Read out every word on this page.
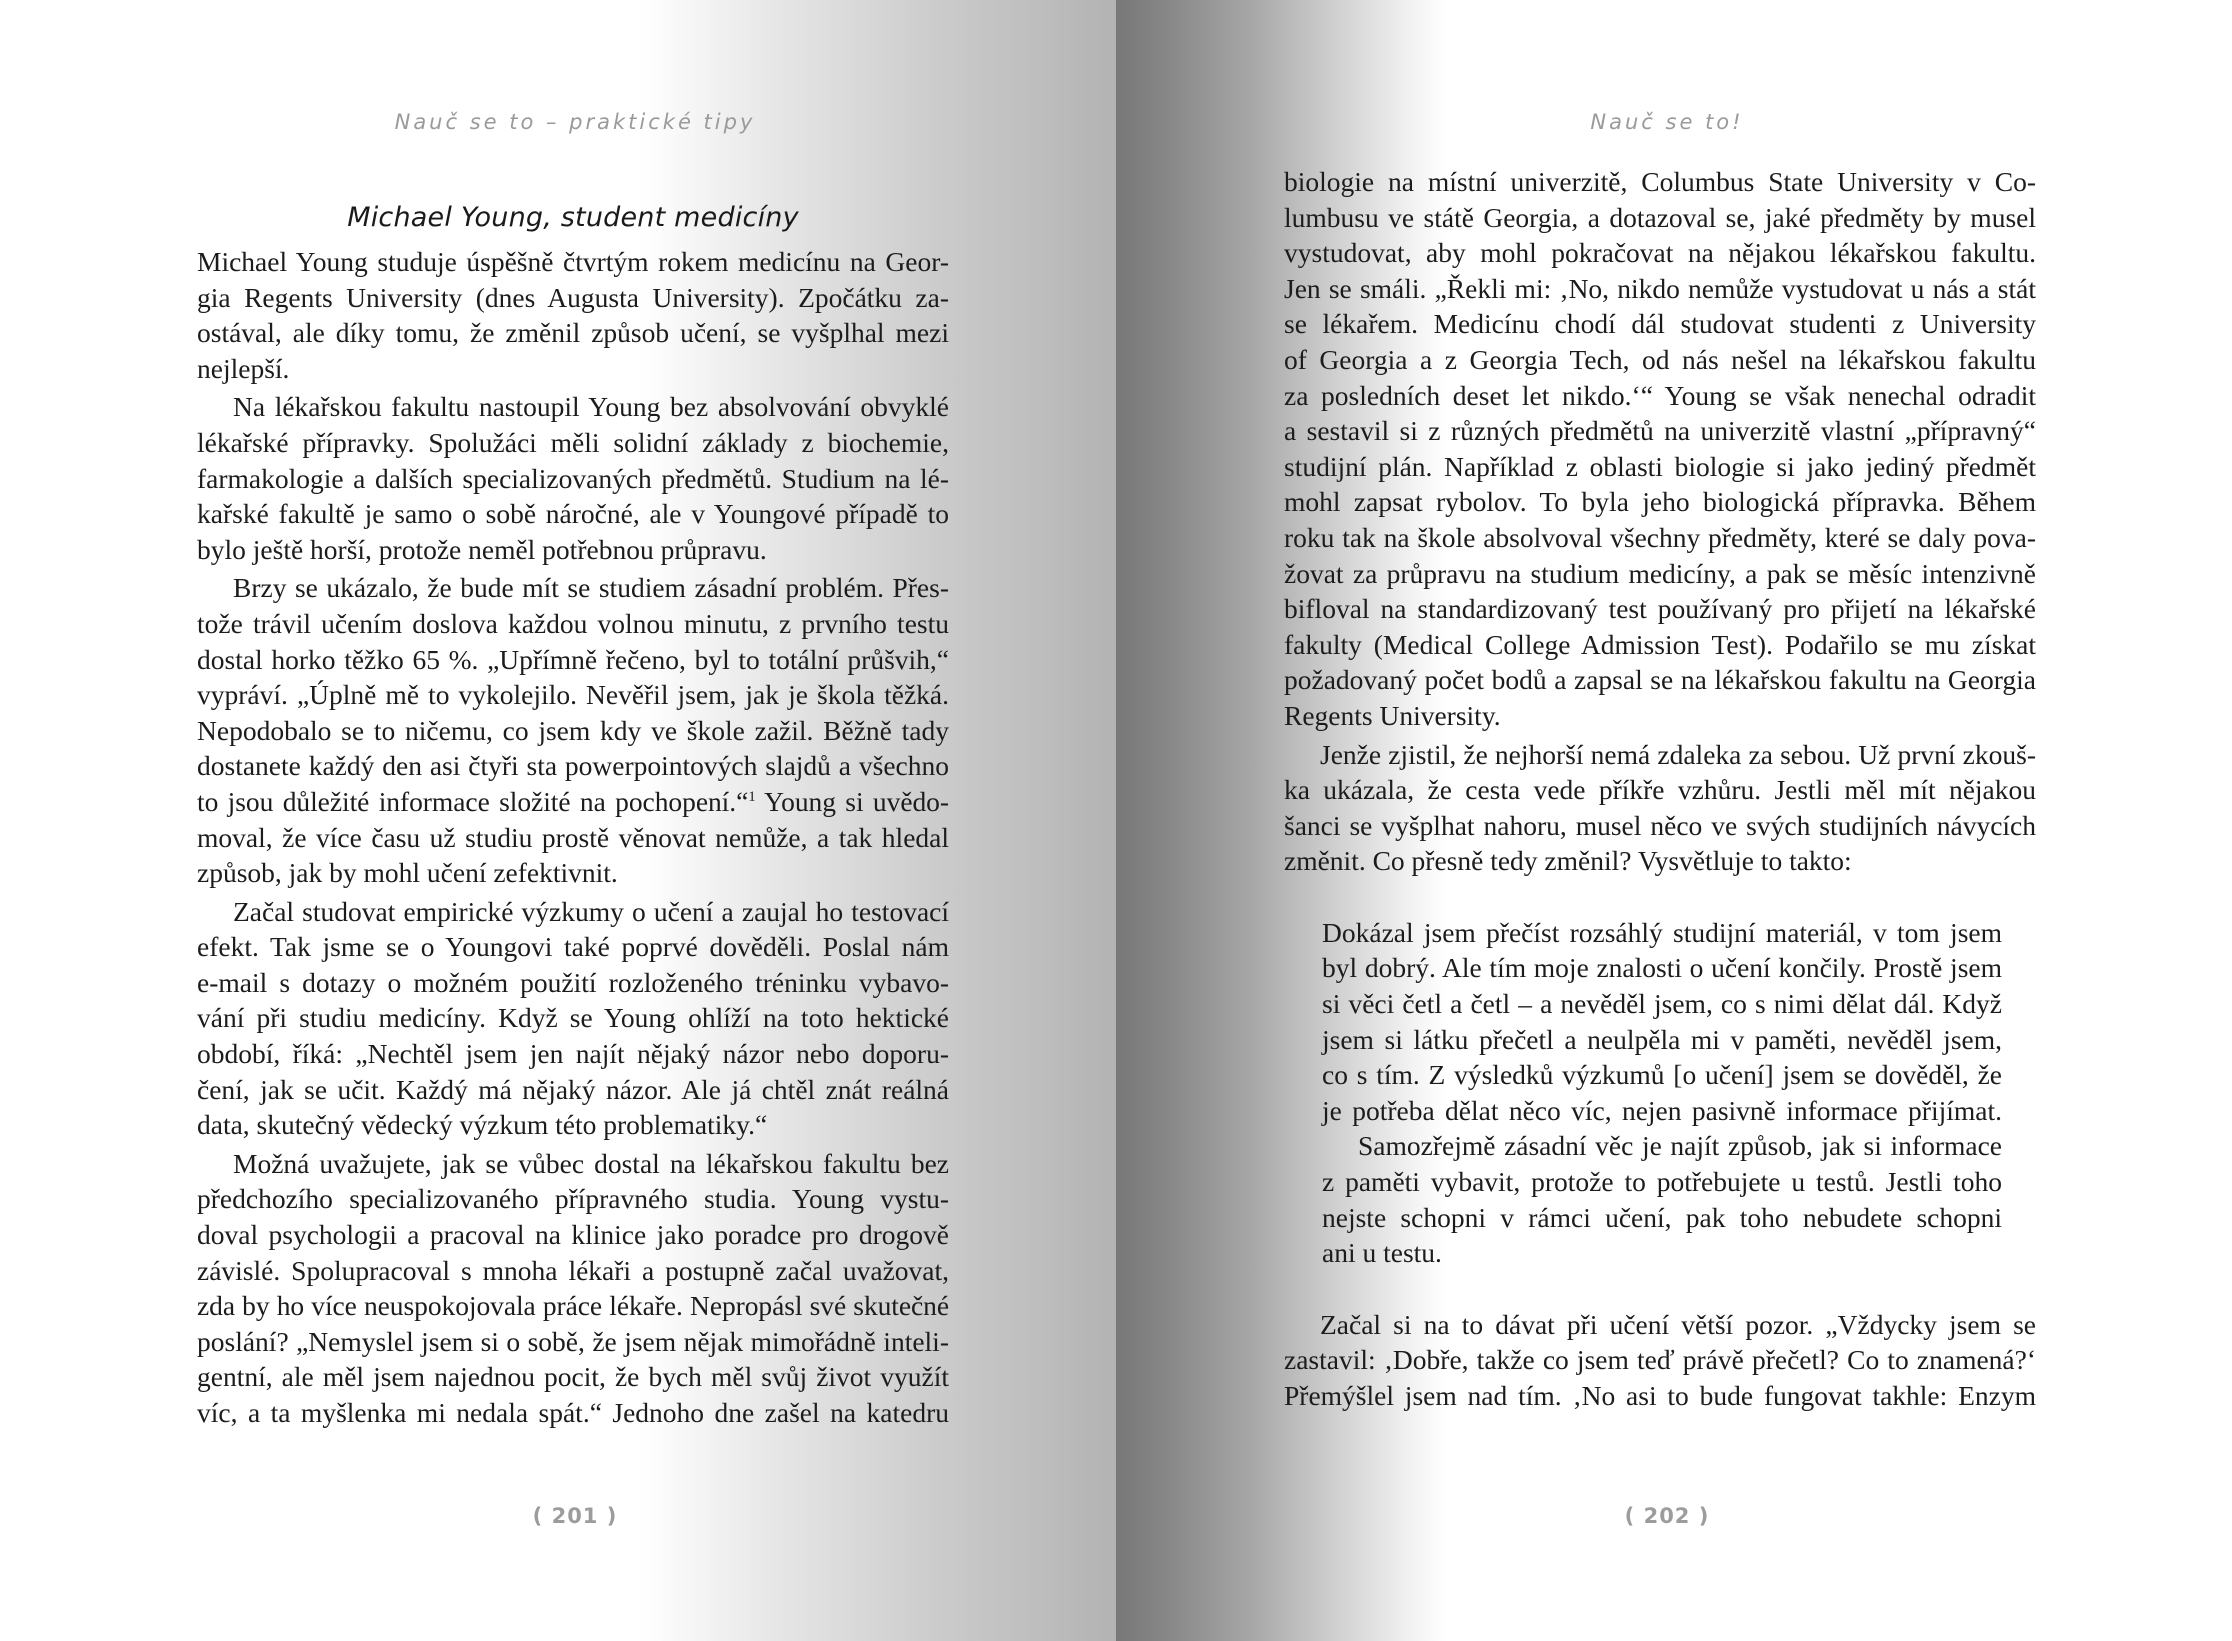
Nauč se to – praktické tipy
Michael Young, student medicíny
Michael Young studuje úspěšně čtvrtým rokem medicínu na Geor-
gia Regents University (dnes Augusta University). Zpočátku za-
ostával, ale díky tomu, že změnil způsob učení, se vyšplhal mezi
nejlepší.
Na lékařskou fakultu nastoupil Young bez absolvování obvyklé
lékařské přípravky. Spolužáci měli solidní základy z biochemie,
farmakologie a dalších specializovaných předmětů. Studium na lé-
kařské fakultě je samo o sobě náročné, ale v Youngové případě to
bylo ještě horší, protože neměl potřebnou průpravu.
Brzy se ukázalo, že bude mít se studiem zásadní problém. Přes-
tože trávil učením doslova každou volnou minutu, z prvního testu
dostal horko těžko 65 %. „Upřímně řečeno, byl to totální průšvih,“
vypráví. „Úplně mě to vykolejilo. Nevěřil jsem, jak je škola těžká.
Nepodobalo se to ničemu, co jsem kdy ve škole zažil. Běžně tady
dostanete každý den asi čtyři sta powerpointových slajdů a všechno
to jsou důležité informace složité na pochopení.“$^1$ Young si uvědo-
moval, že více času už studiu prostě věnovat nemůže, a tak hledal
způsob, jak by mohl učení zefektivnit.
Začal studovat empirické výzkumy o učení a zaujal ho testovací
efekt. Tak jsme se o Youngovi také poprvé dověděli. Poslal nám
e-mail s dotazy o možném použití rozloženého tréninku vybavo-
vání při studiu medicíny. Když se Young ohlíží na toto hektické
období, říká: „Nechtěl jsem jen najít nějaký názor nebo doporu-
čení, jak se učit. Každý má nějaký názor. Ale já chtěl znát reálná
data, skutečný vědecký výzkum této problematiky.“
Možná uvažujete, jak se vůbec dostal na lékařskou fakultu bez
předchozího specializovaného přípravného studia. Young vystu-
doval psychologii a pracoval na klinice jako poradce pro drogově
závislé. Spolupracoval s mnoha lékaři a postupně začal uvažovat,
zda by ho více neuspokojovala práce lékaře. Nepropásl své skutečné
poslání? „Nemyslel jsem si o sobě, že jsem nějak mimořádně inteli-
gentní, ale měl jsem najednou pocit, že bych měl svůj život využít
víc, a ta myšlenka mi nedala spát.“ Jednoho dne zašel na katedru
( 201 )
Nauč se to!
biologie na místní univerzitě, Columbus State University v Co-
lumbusu ve státě Georgia, a dotazoval se, jaké předměty by musel
vystudovat, aby mohl pokračovat na nějakou lékařskou fakultu.
Jen se smáli. „Řekli mi: ‚No, nikdo nemůže vystudovat u nás a stát
se lékařem. Medicínu chodí dál studovat studenti z University
of Georgia a z Georgia Tech, od nás nešel na lékařskou fakultu
za posledních deset let nikdo.‘“ Young se však nenechal odradit
a sestavil si z různých předmětů na univerzitě vlastní „přípravný“
studijní plán. Například z oblasti biologie si jako jediný předmět
mohl zapsat rybolov. To byla jeho biologická přípravka. Během
roku tak na škole absolvoval všechny předměty, které se daly pova-
žovat za průpravu na studium medicíny, a pak se měsíc intenzivně
bifloval na standardizovaný test používaný pro přijetí na lékařské
fakulty (Medical College Admission Test). Podařilo se mu získat
požadovaný počet bodů a zapsal se na lékařskou fakultu na Georgia
Regents University.
Jenže zjistil, že nejhorší nemá zdaleka za sebou. Už první zkouš-
ka ukázala, že cesta vede příkře vzhůru. Jestli měl mít nějakou
šanci se vyšplhat nahoru, musel něco ve svých studijních návycích
změnit. Co přesně tedy změnil? Vysvětluje to takto:
Dokázal jsem přečíst rozsáhlý studijní materiál, v tom jsem
byl dobrý. Ale tím moje znalosti o učení končily. Prostě jsem
si věci četl a četl – a nevěděl jsem, co s nimi dělat dál. Když
jsem si látku přečetl a neulpěla mi v paměti, nevěděl jsem,
co s tím. Z výsledků výzkumů [o učení] jsem se dověděl, že
je potřeba dělat něco víc, nejen pasivně informace přijímat.
Samozřejmě zásadní věc je najít způsob, jak si informace
z paměti vybavit, protože to potřebujete u testů. Jestli toho
nejste schopni v rámci učení, pak toho nebudete schopni
ani u testu.
Začal si na to dávat při učení větší pozor. „Vždycky jsem se
zastavil: ‚Dobře, takže co jsem teď právě přečetl? Co to znamená?‘
Přemýšlel jsem nad tím. ‚No asi to bude fungovat takhle: Enzym
( 202 )
